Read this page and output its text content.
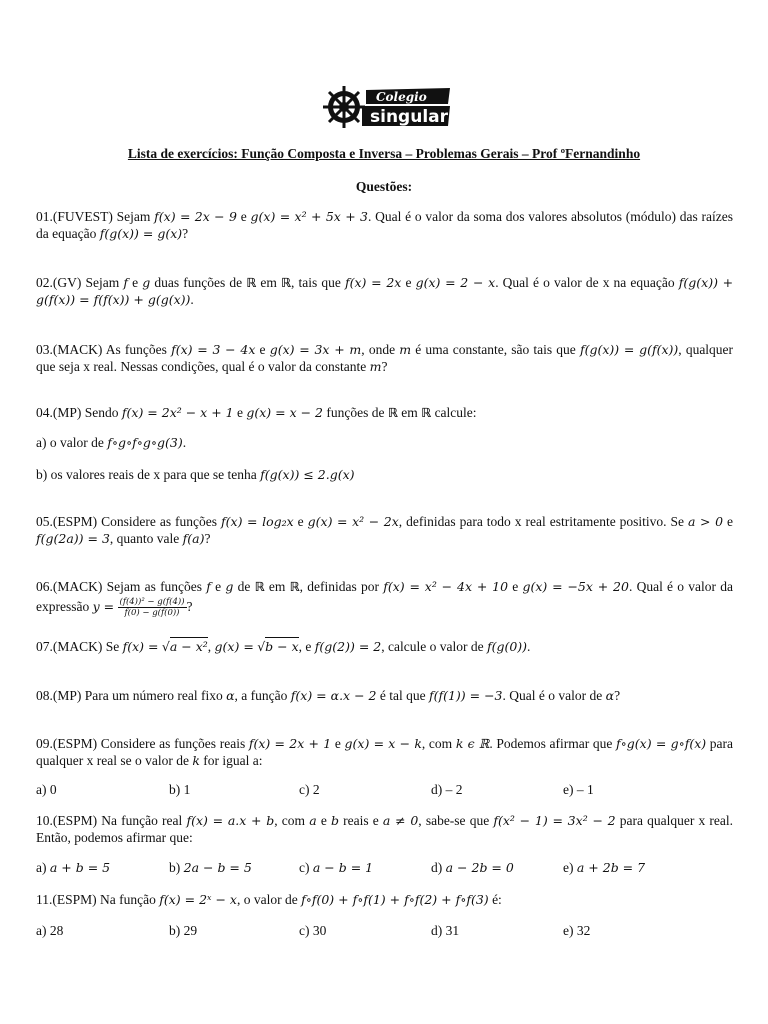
Colegio
singular
Lista de exercícios: Função Composta e Inversa – Problemas Gerais – Prof ºFernandinho
Questões:

01.(FUVEST) Sejam f(x) = 2x − 9 e g(x) = x² + 5x + 3. Qual é o valor da soma dos valores absolutos (módulo) das raízes da equação f(g(x)) = g(x)?

02.(GV) Sejam f e g duas funções de ℝ em ℝ, tais que f(x) = 2x e g(x) = 2 − x. Qual é o valor de x na equação f(g(x)) + g(f(x)) = f(f(x)) + g(g(x)).

03.(MACK) As funções f(x) = 3 − 4x e g(x) = 3x + m, onde m é uma constante, são tais que f(g(x)) = g(f(x)), qualquer que seja x real. Nessas condições, qual é o valor da constante m?

04.(MP) Sendo f(x) = 2x² − x + 1 e g(x) = x − 2 funções de ℝ em ℝ calcule:

a) o valor de f∘g∘f∘g∘g(3).

b) os valores reais de x para que se tenha f(g(x)) ≤ 2.g(x)

05.(ESPM) Considere as funções f(x) = log₂x e g(x) = x² − 2x, definidas para todo x real estritamente positivo. Se a > 0 e f(g(2a)) = 3, quanto vale f(a)?

06.(MACK) Sejam as funções f e g de ℝ em ℝ, definidas por f(x) = x² − 4x + 10 e g(x) = −5x + 20. Qual é o valor da expressão $y = \frac{\text{(f(4))² − g(f(4))}}{f(0) - g(f(0))}$ ?

07.(MACK) Se f(x) = √a − x², g(x) = √b − x, e f(g(2)) = 2, calcule o valor de f(g(0)).

08.(MP) Para um número real fixo α, a função f(x) = α.x − 2 é tal que f(f(1)) = −3. Qual é o valor de α?

09.(ESPM) Considere as funções reais f(x) = 2x + 1 e g(x) = x − k, com k ϵ ℝ. Podemos afirmar que f∘g(x) = g∘f(x) para qualquer x real se o valor de k for igual a:

a) 0	b) 1	c) 2	d) – 2	e) – 1

10.(ESPM) Na função real f(x) = a.x + b, com a e b reais e a ≠ 0, sabe-se que f(x² − 1) = 3x² − 2 para qualquer x real. Então, podemos afirmar que:

a) a + b = 5	b) 2a − b = 5	c) a − b = 1	d) a − 2b = 0	e) a + 2b = 7

11.(ESPM) Na função f(x) = 2ˣ − x, o valor de f∘f(0) + f∘f(1) + f∘f(2) + f∘f(3) é:

a) 28	b) 29	c) 30	d) 31	e) 32
